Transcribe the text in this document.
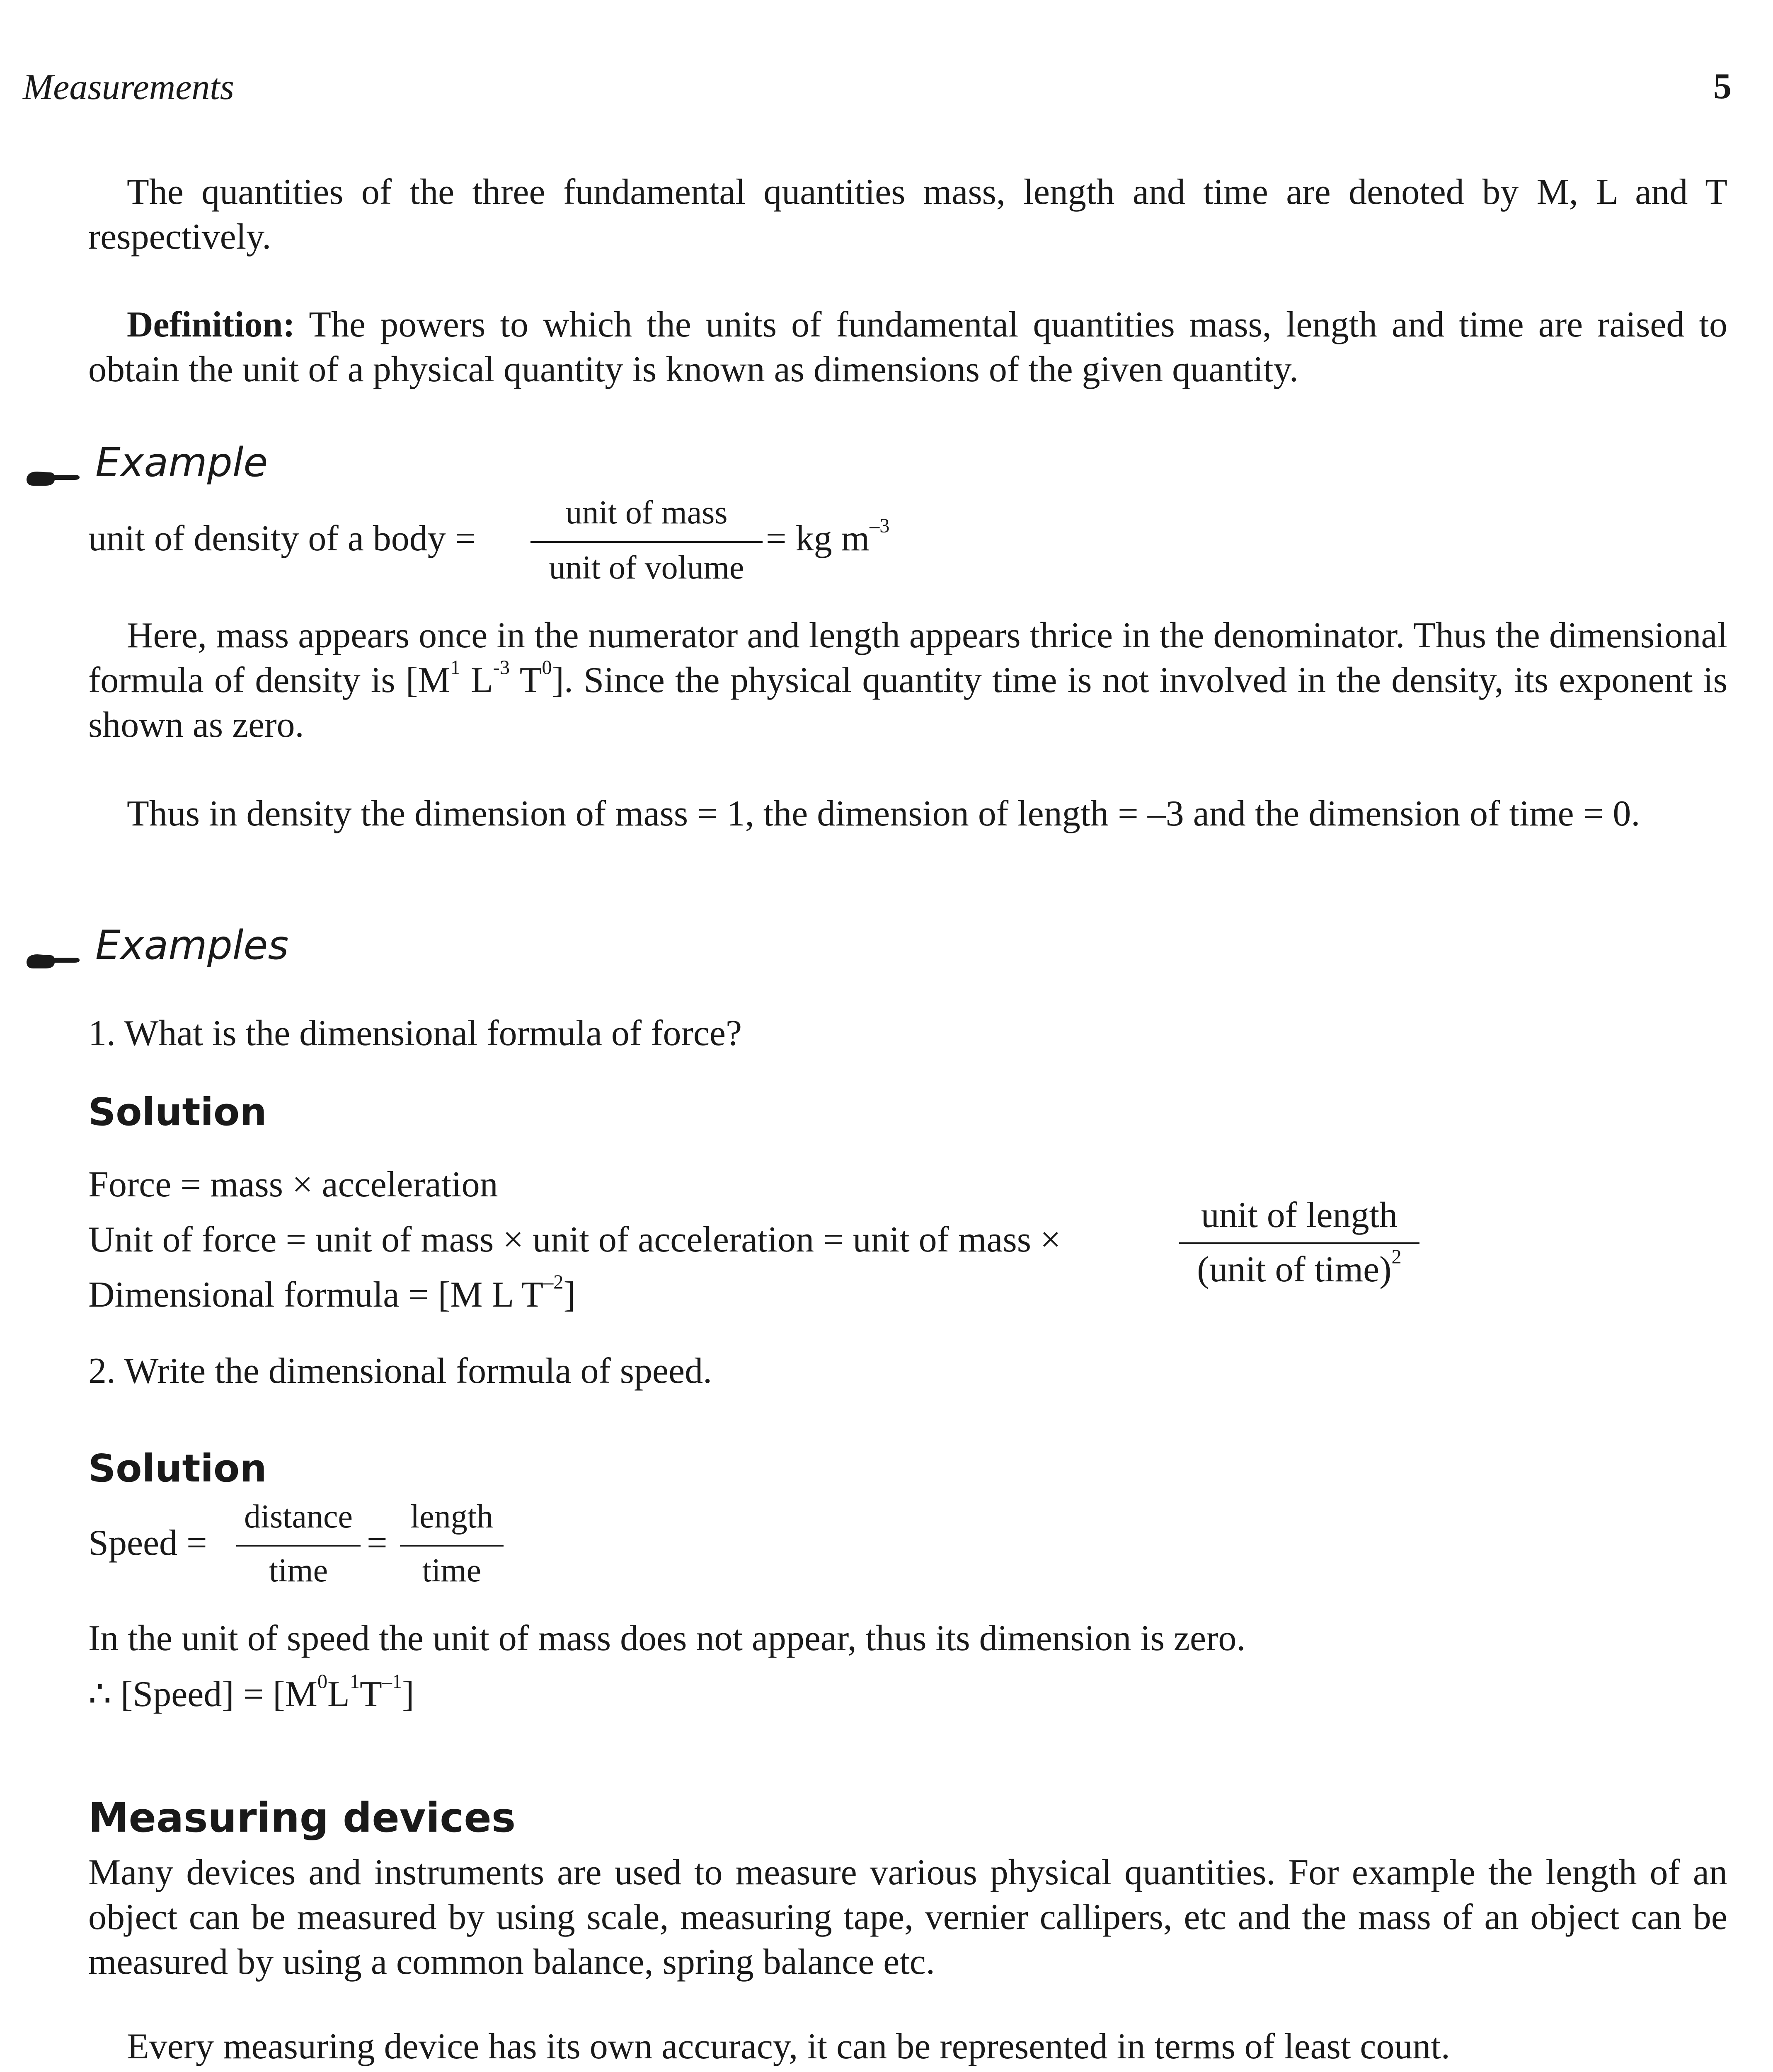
Measurements	5
The quantities of the three fundamental quantities mass, length and time are denoted by M, L and T respectively.
Definition: The powers to which the units of fundamental quantities mass, length and time are raised to obtain the unit of a physical quantity is known as dimensions of the given quantity.
Example
unit of density of a body =
unit of mass
unit of volume
= kg $m^{-3}$
Here, mass appears once in the numerator and length appears thrice in the denominator. Thus the dimensional formula of density is [$M^1$ $L^{-3}$ $T^0$]. Since the physical quantity time is not involved in the density, its exponent is shown as zero.
Thus in density the dimension of mass = 1, the dimension of length = –3 and the dimension of time = 0.
Examples
1. What is the dimensional formula of force?
Solution
Force = mass × acceleration
Unit of force = unit of mass × unit of acceleration = unit of mass ×
unit of length
(unit of time)$^2$
Dimensional formula = [M L $T^{-2}$]
2. Write the dimensional formula of speed.
Solution
Speed =
distance
time
=
length
time
In the unit of speed the unit of mass does not appear, thus its dimension is zero.
∴ [Speed] = $[M^0L^1T^{-1}]$
Measuring devices
Many devices and instruments are used to measure various physical quantities. For example the length of an object can be measured by using scale, measuring tape, vernier callipers, etc and the mass of an object can be measured by using a common balance, spring balance etc.
Every measuring device has its own accuracy, it can be represented in terms of least count.
